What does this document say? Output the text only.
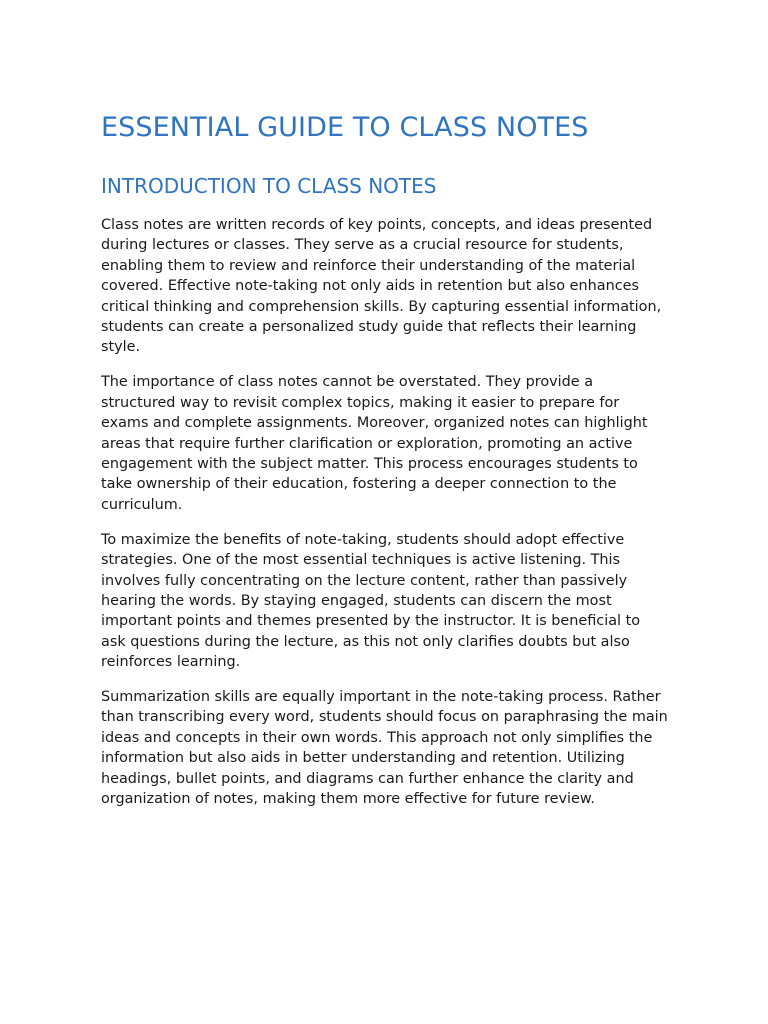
ESSENTIAL GUIDE TO CLASS NOTES
INTRODUCTION TO CLASS NOTES

Class notes are written records of key points, concepts, and ideas presented during lectures or classes. They serve as a crucial resource for students, enabling them to review and reinforce their understanding of the material covered. Effective note-taking not only aids in retention but also enhances critical thinking and comprehension skills. By capturing essential information, students can create a personalized study guide that reflects their learning style.

The importance of class notes cannot be overstated. They provide a structured way to revisit complex topics, making it easier to prepare for exams and complete assignments. Moreover, organized notes can highlight areas that require further clarification or exploration, promoting an active engagement with the subject matter. This process encourages students to take ownership of their education, fostering a deeper connection to the curriculum.

To maximize the benefits of note-taking, students should adopt effective strategies. One of the most essential techniques is active listening. This involves fully concentrating on the lecture content, rather than passively hearing the words. By staying engaged, students can discern the most important points and themes presented by the instructor. It is beneficial to ask questions during the lecture, as this not only clarifies doubts but also reinforces learning.

Summarization skills are equally important in the note-taking process. Rather than transcribing every word, students should focus on paraphrasing the main ideas and concepts in their own words. This approach not only simplifies the information but also aids in better understanding and retention. Utilizing headings, bullet points, and diagrams can further enhance the clarity and organization of notes, making them more effective for future review.
